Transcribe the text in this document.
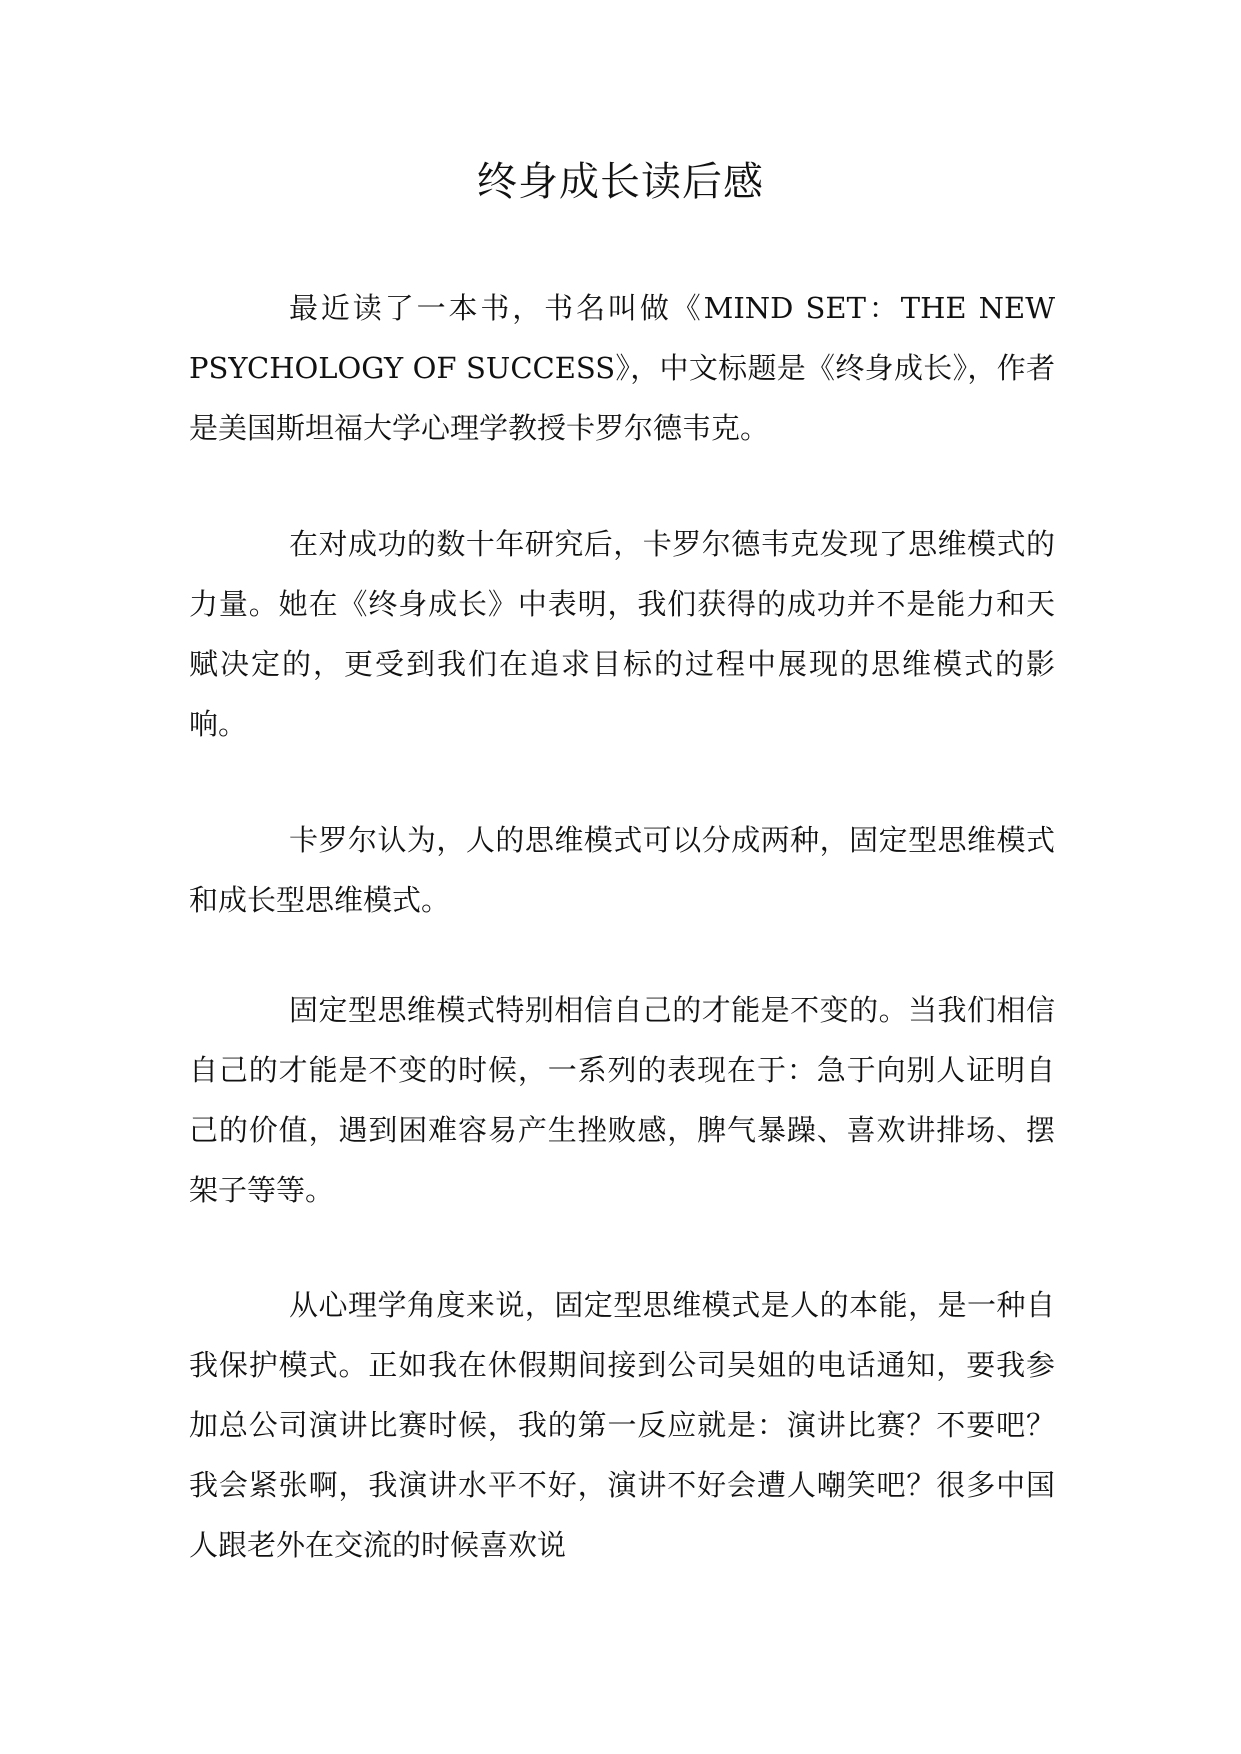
终身成长读后感

最近读了一本书，书名叫做《MIND SET：THE NEW PSYCHOLOGY OF SUCCESS》，中文标题是《终身成长》，作者是美国斯坦福大学心理学教授卡罗尔德韦克。

在对成功的数十年研究后，卡罗尔德韦克发现了思维模式的力量。她在《终身成长》中表明，我们获得的成功并不是能力和天赋决定的，更受到我们在追求目标的过程中展现的思维模式的影响。

卡罗尔认为，人的思维模式可以分成两种，固定型思维模式和成长型思维模式。

固定型思维模式特别相信自己的才能是不变的。当我们相信自己的才能是不变的时候，一系列的表现在于：急于向别人证明自己的价值，遇到困难容易产生挫败感，脾气暴躁、喜欢讲排场、摆架子等等。

从心理学角度来说，固定型思维模式是人的本能，是一种自我保护模式。正如我在休假期间接到公司吴姐的电话通知，要我参加总公司演讲比赛时候，我的第一反应就是：演讲比赛？不要吧？我会紧张啊，我演讲水平不好，演讲不好会遭人嘲笑吧？很多中国人跟老外在交流的时候喜欢说
